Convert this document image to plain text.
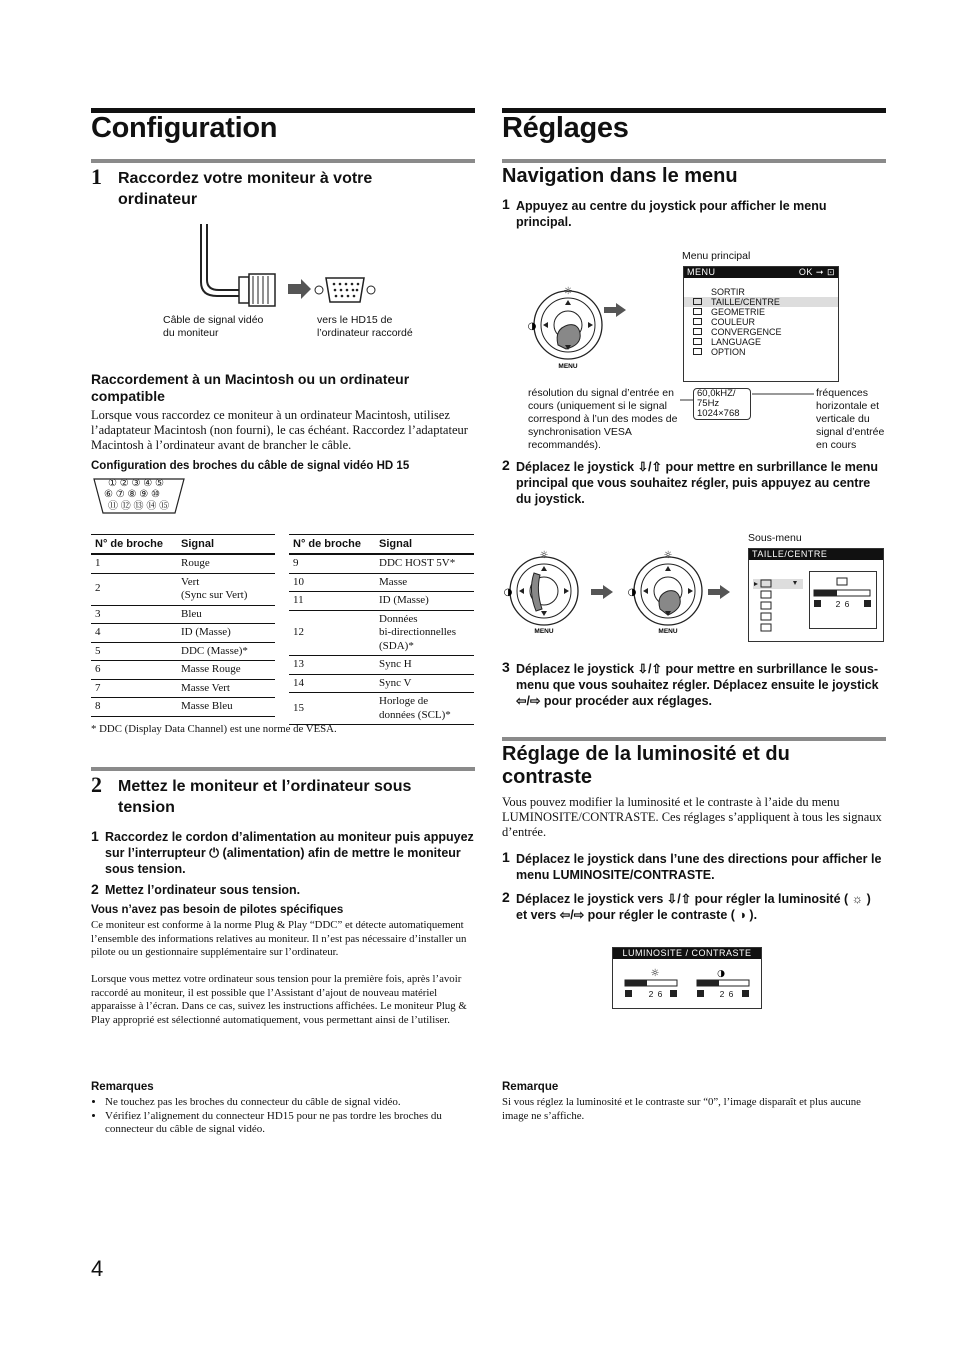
Configuration
1 Raccordez votre moniteur à votre ordinateur
Câble de signal vidéo
du moniteur
vers le HD15 de
l’ordinateur raccordé
Raccordement à un Macintosh ou un ordinateur compatible
Lorsque vous raccordez ce moniteur à un ordinateur Macintosh, utilisez l’adaptateur Macintosh (non fourni), le cas échéant. Raccordez l’adaptateur Macintosh à l’ordinateur avant de brancher le câble.
Configuration des broches du câble de signal vidéo HD 15
① ② ③ ④ ⑤
⑥ ⑦ ⑧ ⑨ ⑩
⑪ ⑫ ⑬ ⑭ ⑮
N° de broche	Signal
1	Rouge
2	Vert
(Sync sur Vert)
3	Bleu
4	ID (Masse)
5	DDC (Masse)*
6	Masse Rouge
7	Masse Vert
8	Masse Bleu
N° de broche	Signal
9	DDC HOST 5V*
10	Masse
11	ID (Masse)
12	Données
bi-directionnelles
(SDA)*
13	Sync H
14	Sync V
15	Horloge de
données (SCL)*
* DDC (Display Data Channel) est une norme de VESA.
2 Mettez le moniteur et l’ordinateur sous tension
1 Raccordez le cordon d’alimentation au moniteur puis appuyez sur l’interrupteur ⏻ (alimentation) afin de mettre le moniteur sous tension.
2 Mettez l’ordinateur sous tension.
Vous n’avez pas besoin de pilotes spécifiques
Ce moniteur est conforme à la norme Plug & Play “DDC” et détecte automatiquement l’ensemble des informations relatives au moniteur. Il n’est pas nécessaire d’installer un pilote ou un gestionnaire supplémentaire sur l’ordinateur.
Lorsque vous mettez votre ordinateur sous tension pour la première fois, après l’avoir raccordé au moniteur, il est possible que l’Assistant d’ajout de nouveau matériel apparaisse à l’écran. Dans ce cas, suivez les instructions affichées. Le moniteur Plug & Play approprié est sélectionné automatiquement, vous permettant ainsi de l’utiliser.
Remarques
• Ne touchez pas les broches du connecteur du câble de signal vidéo.
• Vérifiez l’alignement du connecteur HD15 pour ne pas tordre les broches du connecteur du câble de signal vidéo.
Réglages
Navigation dans le menu
1 Appuyez au centre du joystick pour afficher le menu principal.
Menu principal
☼
◑
MENU
MENU	OK ➞ ⊡
SORTIR
TAILLE/CENTRE
GEOMETRIE
COULEUR
CONVERGENCE
LANGUAGE
OPTION
60,0kHZ/ 75Hz
1024×768
résolution du signal d’entrée en cours (uniquement si le signal correspond à l’un des modes de synchronisation VESA recommandés).
fréquences horizontale et verticale du signal d’entrée en cours
2 Déplacez le joystick ⇩/⇧ pour mettre en surbrillance le menu principal que vous souhaitez régler, puis appuyez au centre du joystick.
Sous-menu
☼
◑
MENU
☼
◑
MENU
TAILLE/CENTRE
2 6
3 Déplacez le joystick ⇩/⇧ pour mettre en surbrillance le sous-menu que vous souhaitez régler. Déplacez ensuite le joystick ⇦/⇨ pour procéder aux réglages.
Réglage de la luminosité et du contraste
Vous pouvez modifier la luminosité et le contraste à l’aide du menu LUMINOSITE/CONTRASTE. Ces réglages s’appliquent à tous les signaux d’entrée.
1 Déplacez le joystick dans l’une des directions pour afficher le menu LUMINOSITE/CONTRASTE.
2 Déplacez le joystick vers ⇩/⇧ pour régler la luminosité ( ☼ ) et vers ⇦/⇨ pour régler le contraste ( ◑ ).
LUMINOSITE / CONTRASTE
☼	◑
2 6	2 6
Remarque
Si vous réglez la luminosité et le contraste sur “0”, l’image disparaît et plus aucune image ne s’affiche.
4
